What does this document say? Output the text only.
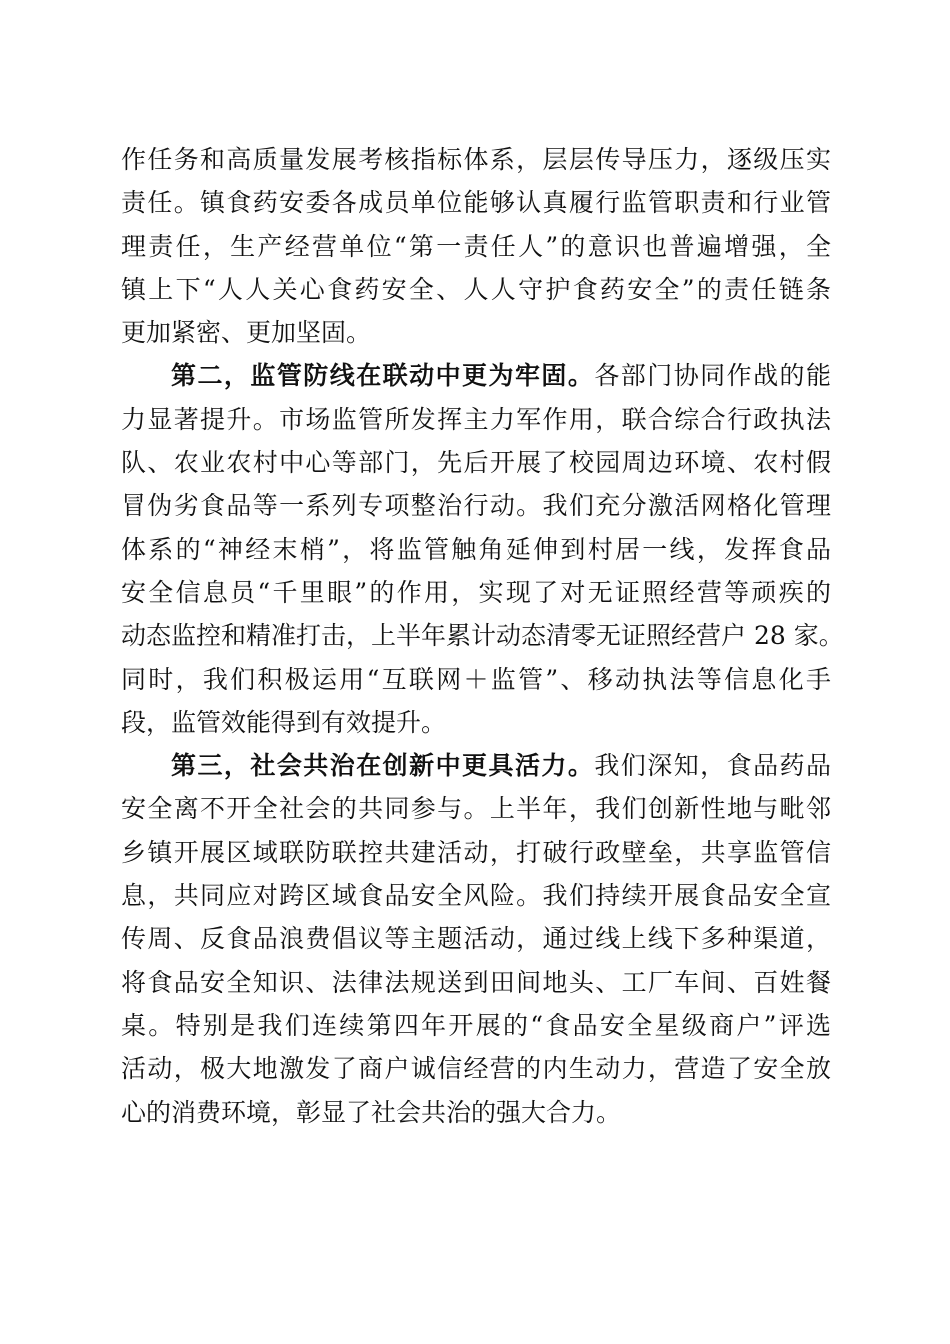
作任务和高质量发展考核指标体系，层层传导压力，逐级压实
责任。镇食药安委各成员单位能够认真履行监管职责和行业管
理责任，生产经营单位“第一责任人”的意识也普遍增强，全
镇上下“人人关心食药安全、人人守护食药安全”的责任链条
更加紧密、更加坚固。
第二，监管防线在联动中更为牢固。各部门协同作战的能
力显著提升。市场监管所发挥主力军作用，联合综合行政执法
队、农业农村中心等部门，先后开展了校园周边环境、农村假
冒伪劣食品等一系列专项整治行动。我们充分激活网格化管理
体系的“神经末梢”，将监管触角延伸到村居一线，发挥食品
安全信息员“千里眼”的作用，实现了对无证照经营等顽疾的
动态监控和精准打击，上半年累计动态清零无证照经营户 28 家。
同时，我们积极运用“互联网＋监管”、移动执法等信息化手
段，监管效能得到有效提升。
第三，社会共治在创新中更具活力。我们深知，食品药品
安全离不开全社会的共同参与。上半年，我们创新性地与毗邻
乡镇开展区域联防联控共建活动，打破行政壁垒，共享监管信
息，共同应对跨区域食品安全风险。我们持续开展食品安全宣
传周、反食品浪费倡议等主题活动，通过线上线下多种渠道，
将食品安全知识、法律法规送到田间地头、工厂车间、百姓餐
桌。特别是我们连续第四年开展的“食品安全星级商户”评选
活动，极大地激发了商户诚信经营的内生动力，营造了安全放
心的消费环境，彰显了社会共治的强大合力。
